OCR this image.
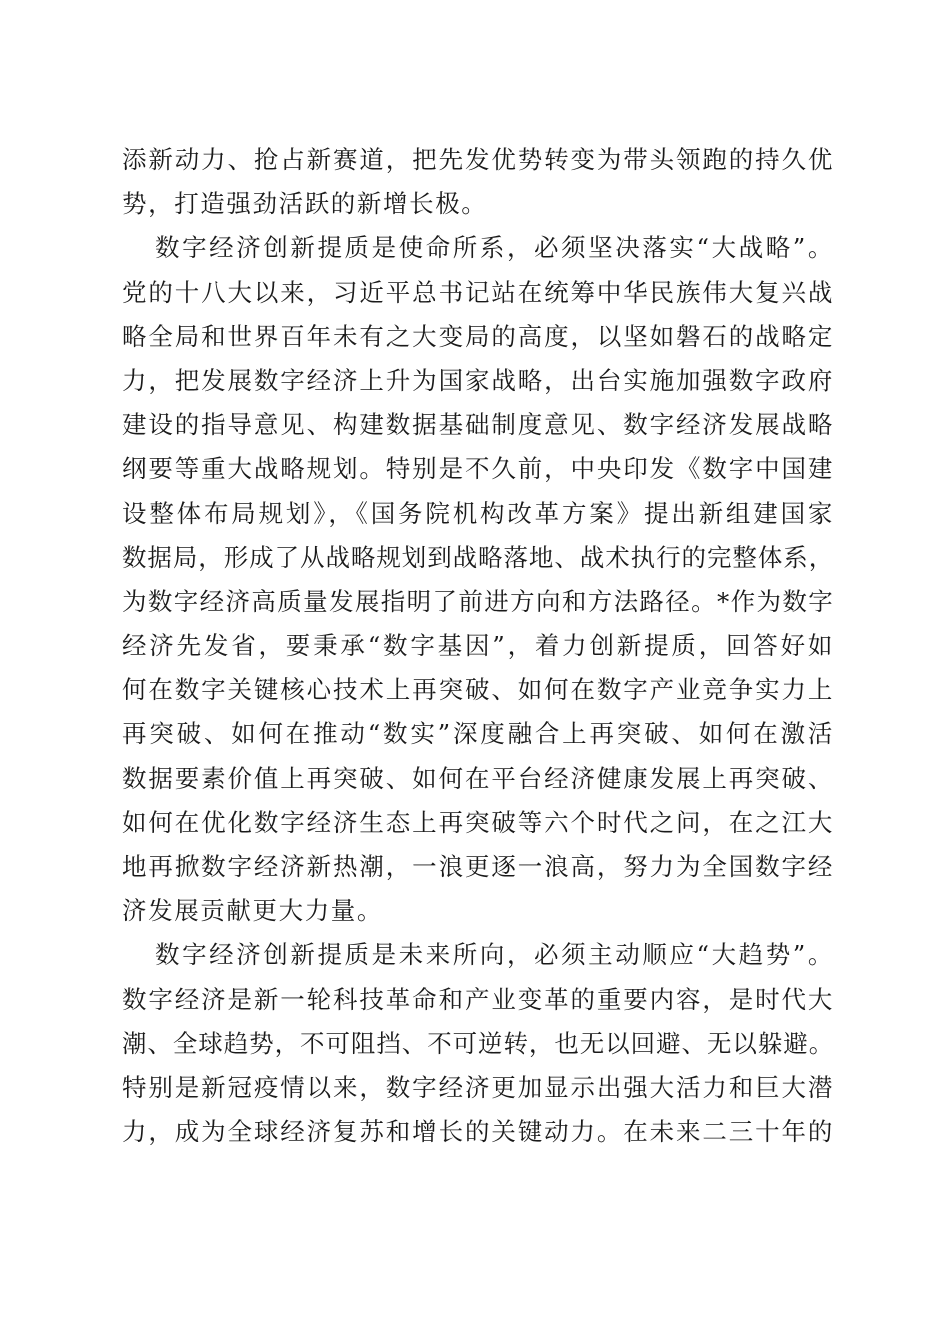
添新动力、抢占新赛道，把先发优势转变为带头领跑的持久优
势，打造强劲活跃的新增长极。
数字经济创新提质是使命所系，必须坚决落实“大战略”。
党的十八大以来，习近平总书记站在统筹中华民族伟大复兴战
略全局和世界百年未有之大变局的高度，以坚如磐石的战略定
力，把发展数字经济上升为国家战略，出台实施加强数字政府
建设的指导意见、构建数据基础制度意见、数字经济发展战略
纲要等重大战略规划。特别是不久前，中央印发《数字中国建
设整体布局规划》，《国务院机构改革方案》提出新组建国家
数据局，形成了从战略规划到战略落地、战术执行的完整体系，
为数字经济高质量发展指明了前进方向和方法路径。*作为数字
经济先发省，要秉承“数字基因”，着力创新提质，回答好如
何在数字关键核心技术上再突破、如何在数字产业竞争实力上
再突破、如何在推动“数实”深度融合上再突破、如何在激活
数据要素价值上再突破、如何在平台经济健康发展上再突破、
如何在优化数字经济生态上再突破等六个时代之问，在之江大
地再掀数字经济新热潮，一浪更逐一浪高，努力为全国数字经
济发展贡献更大力量。
数字经济创新提质是未来所向，必须主动顺应“大趋势”。
数字经济是新一轮科技革命和产业变革的重要内容，是时代大
潮、全球趋势，不可阻挡、不可逆转，也无以回避、无以躲避。
特别是新冠疫情以来，数字经济更加显示出强大活力和巨大潜
力，成为全球经济复苏和增长的关键动力。在未来二三十年的
